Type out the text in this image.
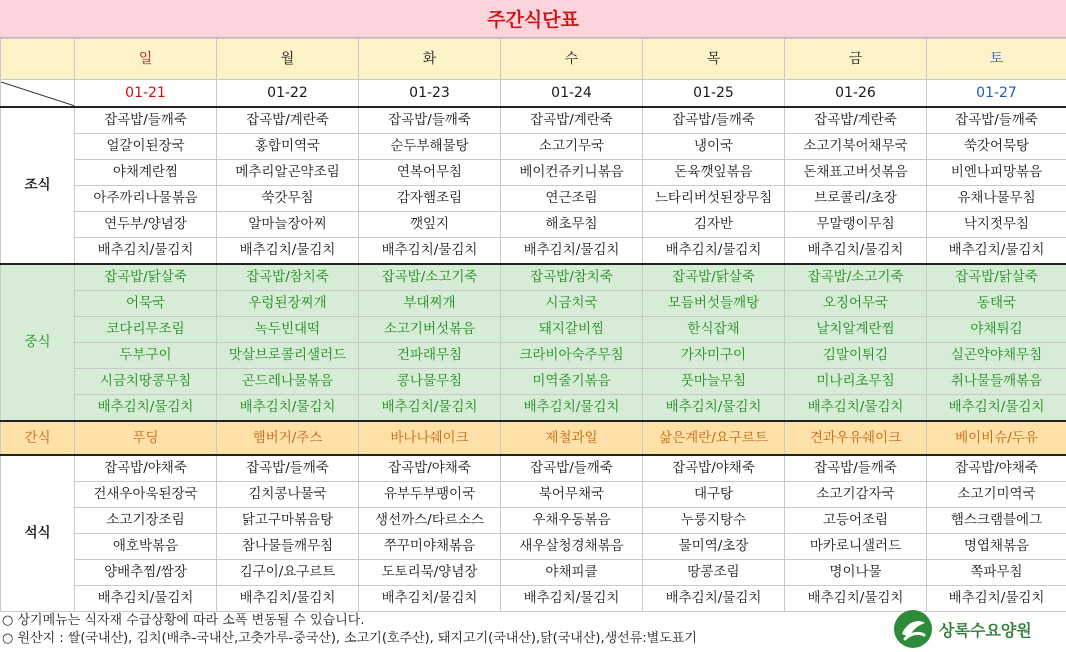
주간식단표
	일	월	화	수	목	금	토

	01-21	01-22	01-23	01-24	01-25	01-26	01-27
조식	잡곡밥/들깨죽	잡곡밥/계란죽	잡곡밥/들깨죽	잡곡밥/계란죽	잡곡밥/들깨죽	잡곡밥/계란죽	잡곡밥/들깨죽
	얼갈이된장국	홍합미역국	순두부해물탕	소고기무국	냉이국	소고기북어채무국	쑥갓어묵탕
	야채계란찜	메추리알곤약조림	연복어무침	베이컨쥬키니볶음	돈육깻잎볶음	돈채표고버섯볶음	비엔나피망볶음
	아주까리나물볶음	쑥갓무침	감자햄조림	연근조림	느타리버섯된장무침	브로콜리/초장	유채나물무침
	연두부/양념장	알마늘장아찌	깻잎지	해초무침	김자반	무말랭이무침	낙지젓무침
	배추김치/물김치	배추김치/물김치	배추김치/물김치	배추김치/물김치	배추김치/물김치	배추김치/물김치	배추김치/물김치
중식	잡곡밥/닭살죽	잡곡밥/참치죽	잡곡밥/소고기죽	잡곡밥/참치죽	잡곡밥/닭살죽	잡곡밥/소고기죽	잡곡밥/닭살죽
	어묵국	우렁된장찌개	부대찌개	시금치국	모듬버섯들깨탕	오징어무국	동태국
	코다리무조림	녹두빈대떡	소고기버섯볶음	돼지갈비찜	한식잡채	날치알계란찜	야채튀김
	두부구이	맛살브로콜리샐러드	건파래무침	크라비아숙주무침	가자미구이	김말이튀김	실곤약야채무침
	시금치땅콩무침	곤드레나물볶음	콩나물무침	미역줄기볶음	풋마늘무침	미나리초무침	취나물들깨볶음
	배추김치/물김치	배추김치/물김치	배추김치/물김치	배추김치/물김치	배추김치/물김치	배추김치/물김치	배추김치/물김치
간식	푸딩	햄버거/주스	바나나쉐이크	제철과일	삶은계란/요구르트	견과우유쉐이크	베이비슈/두유
석식	잡곡밥/야채죽	잡곡밥/들깨죽	잡곡밥/야채죽	잡곡밥/들깨죽	잡곡밥/야채죽	잡곡밥/들깨죽	잡곡밥/야채죽
	건새우아욱된장국	김치콩나물국	유부두부팽이국	북어무채국	대구탕	소고기감자국	소고기미역국
	소고기장조림	닭고구마볶음탕	생선까스/타르소스	우채우동볶음	누룽지탕수	고등어조림	햄스크램블에그
	애호박볶음	참나물들깨무침	쭈꾸미야채볶음	새우살청경채볶음	물미역/초장	마카로니샐러드	명엽채볶음
	양배추찜/쌈장	김구이/요구르트	도토리묵/양념장	야채피클	땅콩조림	명이나물	쪽파무침
	배추김치/물김치	배추김치/물김치	배추김치/물김치	배추김치/물김치	배추김치/물김치	배추김치/물김치	배추김치/물김치
○ 상기메뉴는 식자재 수급상황에 따라 소폭 변동될 수 있습니다.
○ 원산지 : 쌀(국내산), 김치(배추-국내산,고춧가루-중국산), 소고기(호주산), 돼지고기(국내산),닭(국내산),생선류:별도표기	상록수요양원
